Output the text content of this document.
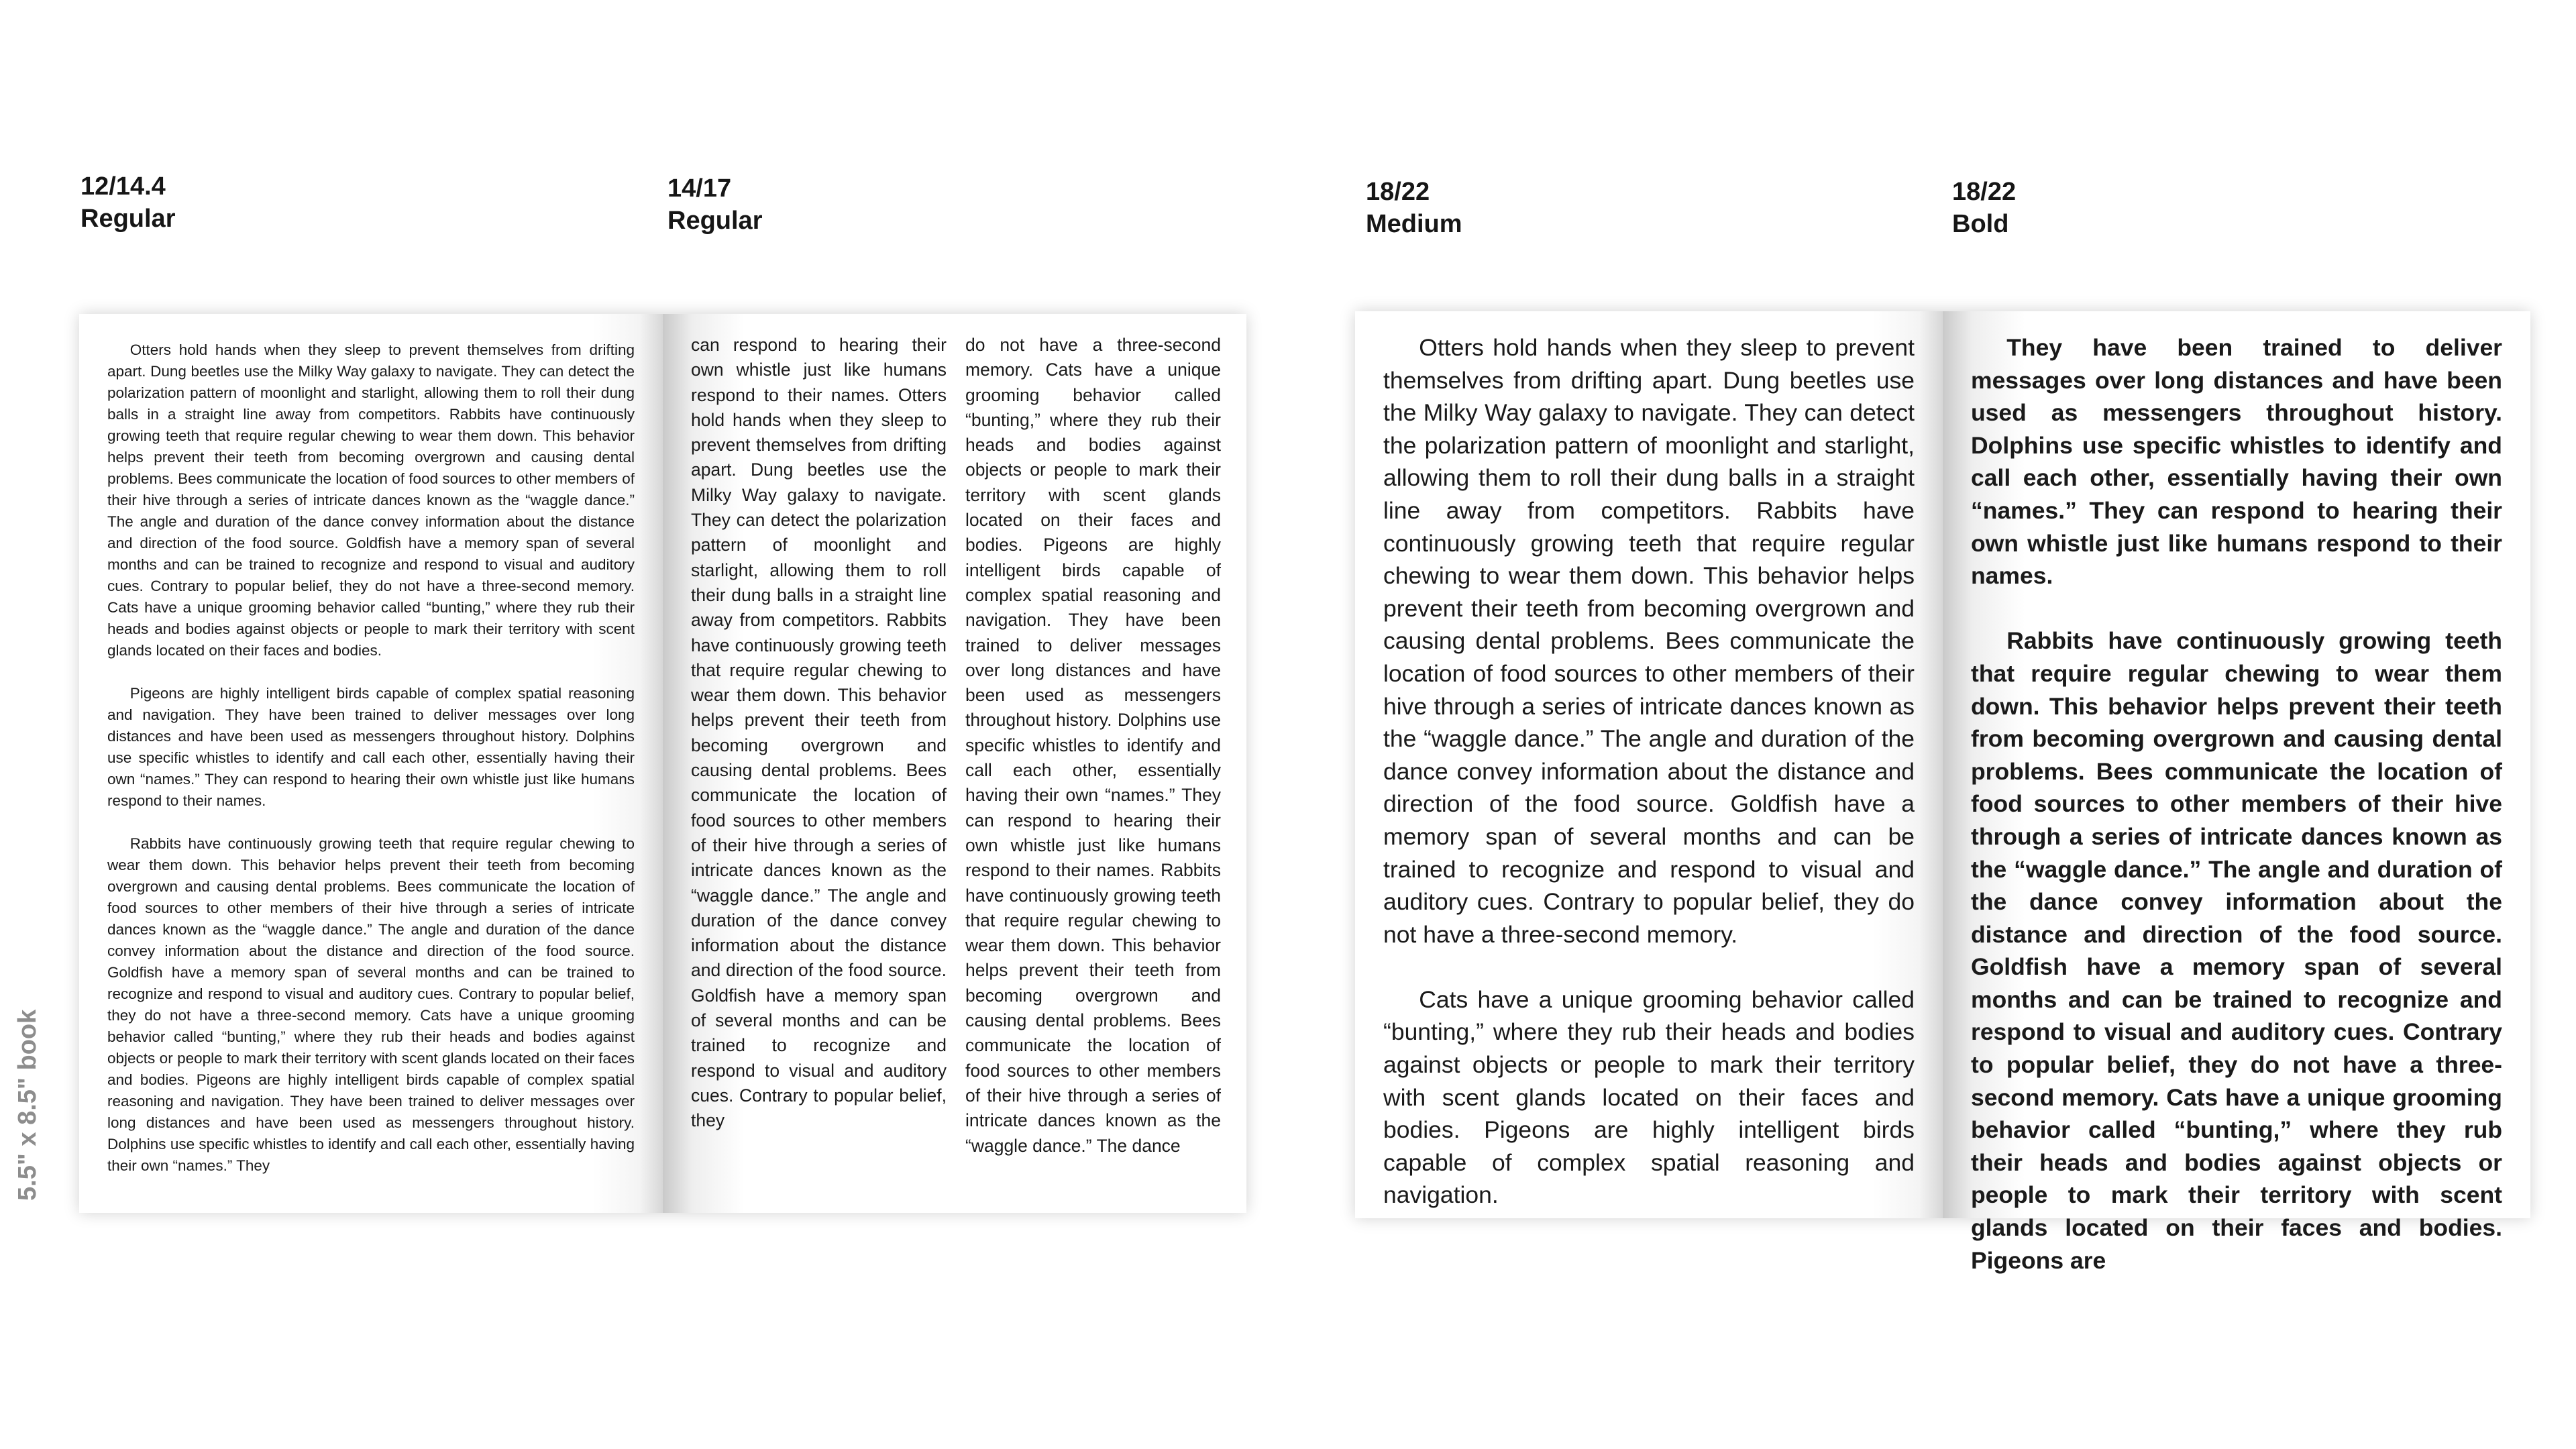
12/14.4
Regular
14/17
Regular
18/22
Medium
18/22
Bold
5.5" x 8.5" book

Otters hold hands when they sleep to prevent themselves from drifting apart. Dung beetles use the Milky Way galaxy to navigate. They can detect the polarization pattern of moonlight and starlight, allowing them to roll their dung balls in a straight line away from competitors. Rabbits have continuously growing teeth that require regular chewing to wear them down. This behavior helps prevent their teeth from becoming overgrown and causing dental problems. Bees communicate the location of food sources to other members of their hive through a series of intricate dances known as the “waggle dance.” The angle and duration of the dance convey information about the distance and direction of the food source. Goldfish have a memory span of several months and can be trained to recognize and respond to visual and auditory cues. Contrary to popular belief, they do not have a three-second memory. Cats have a unique grooming behavior called “bunting,” where they rub their heads and bodies against objects or people to mark their territory with scent glands located on their faces and bodies.

Pigeons are highly intelligent birds capable of complex spatial reasoning and navigation. They have been trained to deliver messages over long distances and have been used as messengers throughout history. Dolphins use specific whistles to identify and call each other, essentially having their own “names.” They can respond to hearing their own whistle just like humans respond to their names.

Rabbits have continuously growing teeth that require regular chewing to wear them down. This behavior helps prevent their teeth from becoming overgrown and causing dental problems. Bees communicate the location of food sources to other members of their hive through a series of intricate dances known as the “waggle dance.” The angle and duration of the dance convey information about the distance and direction of the food source. Goldfish have a memory span of several months and can be trained to recognize and respond to visual and auditory cues. Contrary to popular belief, they do not have a three-second memory. Cats have a unique grooming behavior called “bunting,” where they rub their heads and bodies against objects or people to mark their territory with scent glands located on their faces and bodies. Pigeons are highly intelligent birds capable of complex spatial reasoning and navigation. They have been trained to deliver messages over long distances and have been used as messengers throughout history. Dolphins use specific whistles to identify and call each other, essentially having their own “names.” They

can respond to hearing their own whistle just like humans respond to their names. Otters hold hands when they sleep to prevent themselves from drifting apart. Dung beetles use the Milky Way galaxy to navigate. They can detect the polarization pattern of moonlight and starlight, allowing them to roll their dung balls in a straight line away from competitors. Rabbits have continuously growing teeth that require regular chewing to wear them down. This behavior helps prevent their teeth from becoming overgrown and causing dental problems. Bees communicate the location of food sources to other members of their hive through a series of intricate dances known as the “waggle dance.” The angle and duration of the dance convey information about the distance and direction of the food source. Goldfish have a memory span of several months and can be trained to recognize and respond to visual and auditory cues. Contrary to popular belief, they

do not have a three-second memory. Cats have a unique grooming behavior called “bunting,” where they rub their heads and bodies against objects or people to mark their territory with scent glands located on their faces and bodies. Pigeons are highly intelligent birds capable of complex spatial reasoning and navigation. They have been trained to deliver messages over long distances and have been used as messengers throughout history. Dolphins use specific whistles to identify and call each other, essentially having their own “names.” They can respond to hearing their own whistle just like humans respond to their names. Rabbits have continuously growing teeth that require regular chewing to wear them down. This behavior helps prevent their teeth from becoming overgrown and causing dental problems. Bees communicate the location of food sources to other members of their hive through a series of intricate dances known as the “waggle dance.” The dance

Otters hold hands when they sleep to prevent themselves from drifting apart. Dung beetles use the Milky Way galaxy to navigate. They can detect the polarization pattern of moonlight and starlight, allowing them to roll their dung balls in a straight line away from competitors. Rabbits have continuously growing teeth that require regular chewing to wear them down. This behavior helps prevent their teeth from becoming overgrown and causing dental problems. Bees communicate the location of food sources to other members of their hive through a series of intricate dances known as the “waggle dance.” The angle and duration of the dance convey information about the distance and direction of the food source. Goldfish have a memory span of several months and can be trained to recognize and respond to visual and auditory cues. Contrary to popular belief, they do not have a three-second memory.

Cats have a unique grooming behavior called “bunting,” where they rub their heads and bodies against objects or people to mark their territory with scent glands located on their faces and bodies. Pigeons are highly intelligent birds capable of complex spatial reasoning and navigation.

They have been trained to deliver messages over long distances and have been used as messengers throughout history. Dolphins use specific whistles to identify and call each other, essentially having their own “names.” They can respond to hearing their own whistle just like humans respond to their names.

Rabbits have continuously growing teeth that require regular chewing to wear them down. This behavior helps prevent their teeth from becoming overgrown and causing dental problems. Bees communicate the location of food sources to other members of their hive through a series of intricate dances known as the “waggle dance.” The angle and duration of the dance convey information about the distance and direction of the food source. Goldfish have a memory span of several months and can be trained to recognize and respond to visual and auditory cues. Contrary to popular belief, they do not have a three-second memory. Cats have a unique grooming behavior called “bunting,” where they rub their heads and bodies against objects or people to mark their territory with scent glands located on their faces and bodies. Pigeons are
